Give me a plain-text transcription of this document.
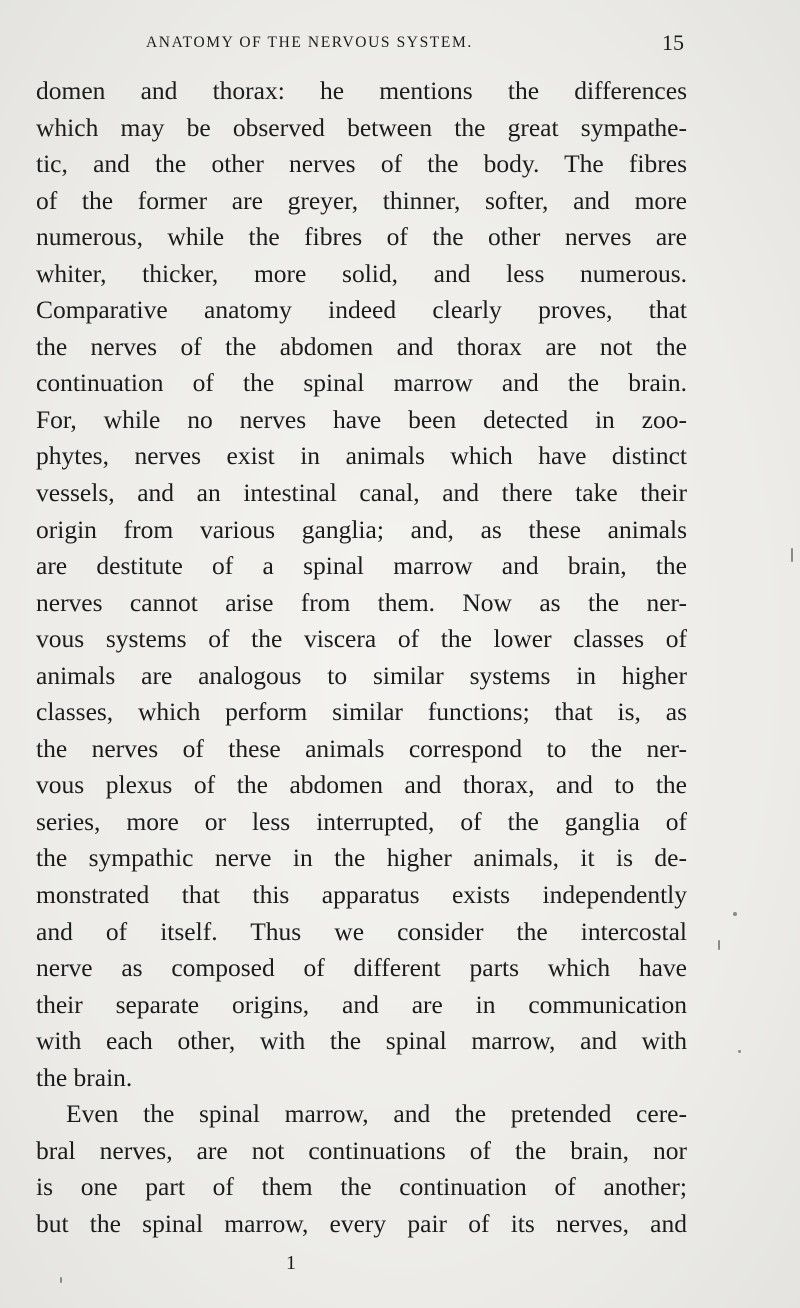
ANATOMY OF THE NERVOUS SYSTEM.	15
domen and thorax: he mentions the differences
which may be observed between the great sympathe-
tic, and the other nerves of the body. The fibres
of the former are greyer, thinner, softer, and more
numerous, while the fibres of the other nerves are
whiter, thicker, more solid, and less numerous.
Comparative anatomy indeed clearly proves, that
the nerves of the abdomen and thorax are not the
continuation of the spinal marrow and the brain.
For, while no nerves have been detected in zoo-
phytes, nerves exist in animals which have distinct
vessels, and an intestinal canal, and there take their
origin from various ganglia; and, as these animals
are destitute of a spinal marrow and brain, the
nerves cannot arise from them. Now as the ner-
vous systems of the viscera of the lower classes of
animals are analogous to similar systems in higher
classes, which perform similar functions; that is, as
the nerves of these animals correspond to the ner-
vous plexus of the abdomen and thorax, and to the
series, more or less interrupted, of the ganglia of
the sympathic nerve in the higher animals, it is de-
monstrated that this apparatus exists independently
and of itself. Thus we consider the intercostal
nerve as composed of different parts which have
their separate origins, and are in communication
with each other, with the spinal marrow, and with
the brain.
Even the spinal marrow, and the pretended cere-
bral nerves, are not continuations of the brain, nor
is one part of them the continuation of another;
but the spinal marrow, every pair of its nerves, and
1
